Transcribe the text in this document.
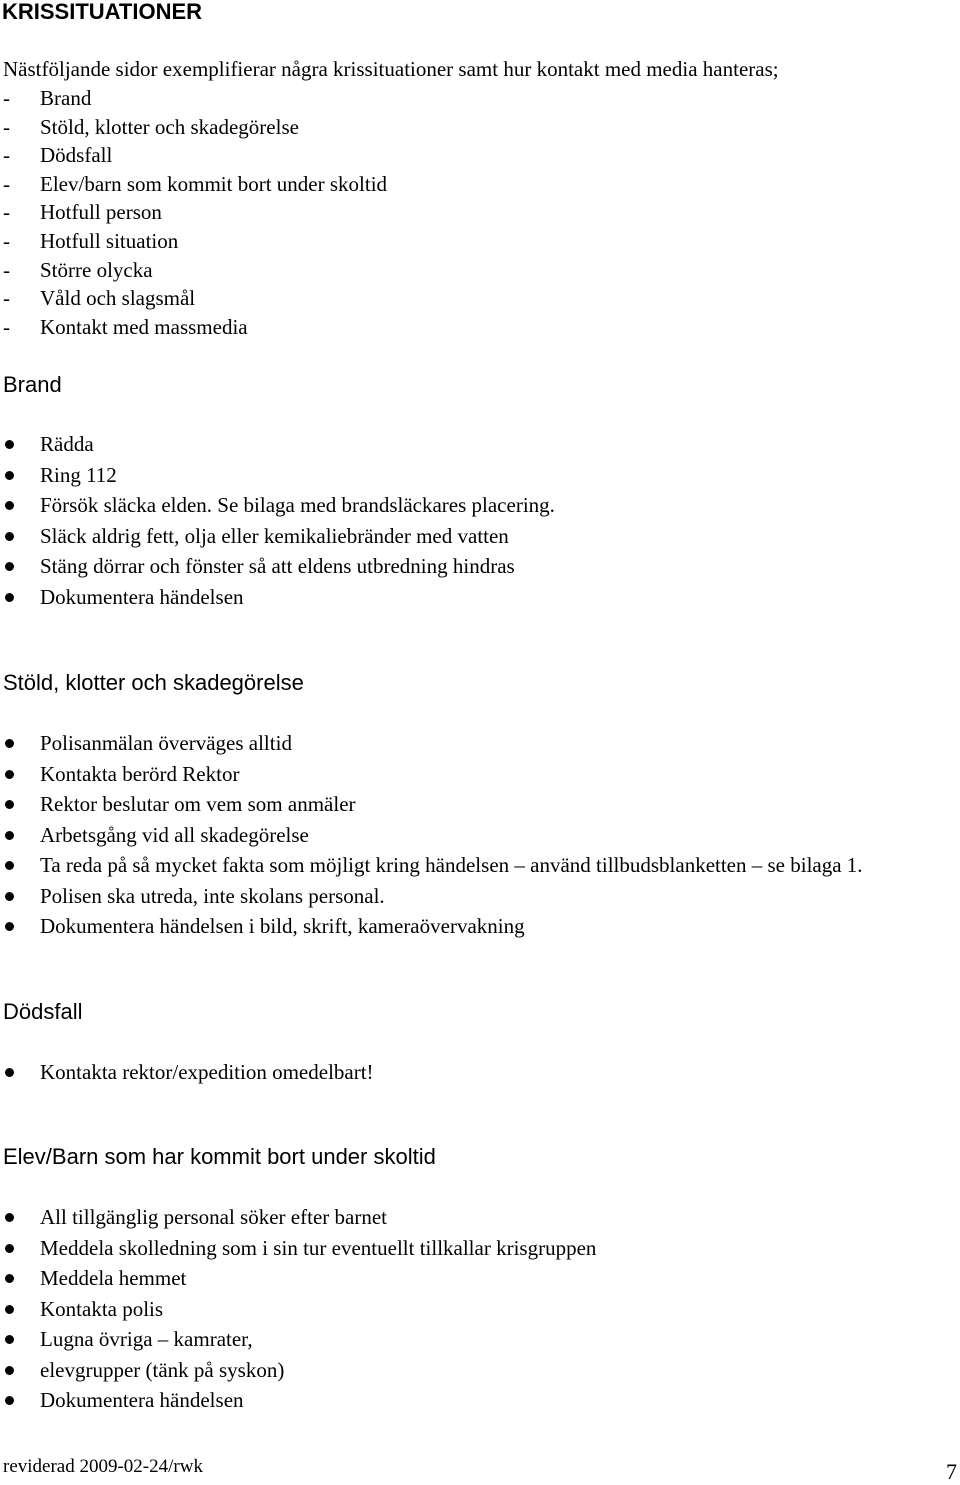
KRISSITUATIONER

Nästföljande sidor exemplifierar några krissituationer samt hur kontakt med media hanteras;

- Brand
- Stöld, klotter och skadegörelse
- Dödsfall
- Elev/barn som kommit bort under skoltid
- Hotfull person
- Hotfull situation
- Större olycka
- Våld och slagsmål
- Kontakt med massmedia
Brand
Rädda
Ring 112
Försök släcka elden. Se bilaga med brandsläckares placering.
Släck aldrig fett, olja eller kemikaliebränder med vatten
Stäng dörrar och fönster så att eldens utbredning hindras
Dokumentera händelsen
Stöld, klotter och skadegörelse
Polisanmälan överväges alltid
Kontakta berörd Rektor
Rektor beslutar om vem som anmäler
Arbetsgång vid all skadegörelse
Ta reda på så mycket fakta som möjligt kring händelsen – använd tillbudsblanketten – se bilaga 1.
Polisen ska utreda, inte skolans personal.
Dokumentera händelsen i bild, skrift, kameraövervakning
Dödsfall
Kontakta rektor/expedition omedelbart!
Elev/Barn som har kommit bort under skoltid
All tillgänglig personal söker efter barnet
Meddela skolledning som i sin tur eventuellt tillkallar krisgruppen
Meddela hemmet
Kontakta polis
Lugna övriga – kamrater,
elevgrupper (tänk på syskon)
Dokumentera händelsen
reviderad 2009-02-24/rwk	7
